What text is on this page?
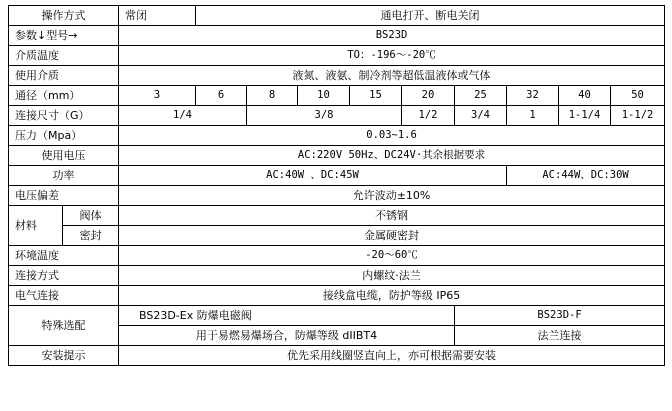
操作方式		常闭	通电打开、断电关闭									
参数↓型号→		BS23D										
介质温度		TO：-196～-20℃										
使用介质		液氮、液氨、制冷剂等超低温液体或气体										
通径（mm）		3	6	8	10	15	20	25	32	40	50	
连接尺寸（G）		1/4		3/8			1/2	3/4	1	1-1/4	1-1/2	
压力（Mpa）		0.03~1.6										
使用电压		AC:220V 50Hz、DC24V·其余根据要求										
功率		AC:40W 、DC:45W							AC:44W、DC:30W			
电压偏差		允许波动±10%										
材料	阀体	不锈钢										
	密封	金属硬密封										
环境温度		-20～60℃										
连接方式		内螺纹·法兰										
电气连接		接线盒电缆，防护等级 IP65										
特殊选配		BS23D-Ex 防爆电磁阀						BS23D-F				
		用于易燃易爆场合，防爆等级 dIIBT4						法兰连接				
安装提示		优先采用线圈竖直向上，亦可根据需要安装										
